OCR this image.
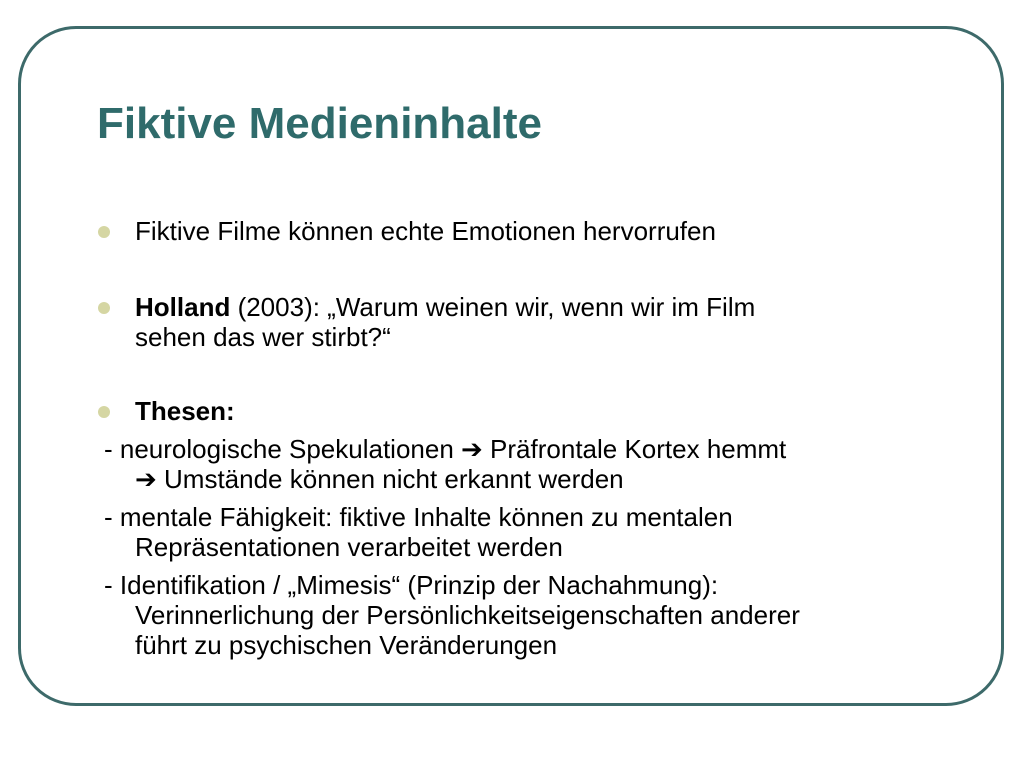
Fiktive Medieninhalte
Fiktive Filme können echte Emotionen hervorrufen
Holland (2003): „Warum weinen wir, wenn wir im Film
sehen das wer stirbt?“
Thesen:
- neurologische Spekulationen ➔ Präfrontale Kortex hemmt
➔ Umstände können nicht erkannt werden
- mentale Fähigkeit: fiktive Inhalte können zu mentalen
Repräsentationen verarbeitet werden
- Identifikation / „Mimesis“ (Prinzip der Nachahmung):
Verinnerlichung der Persönlichkeitseigenschaften anderer
führt zu psychischen Veränderungen
